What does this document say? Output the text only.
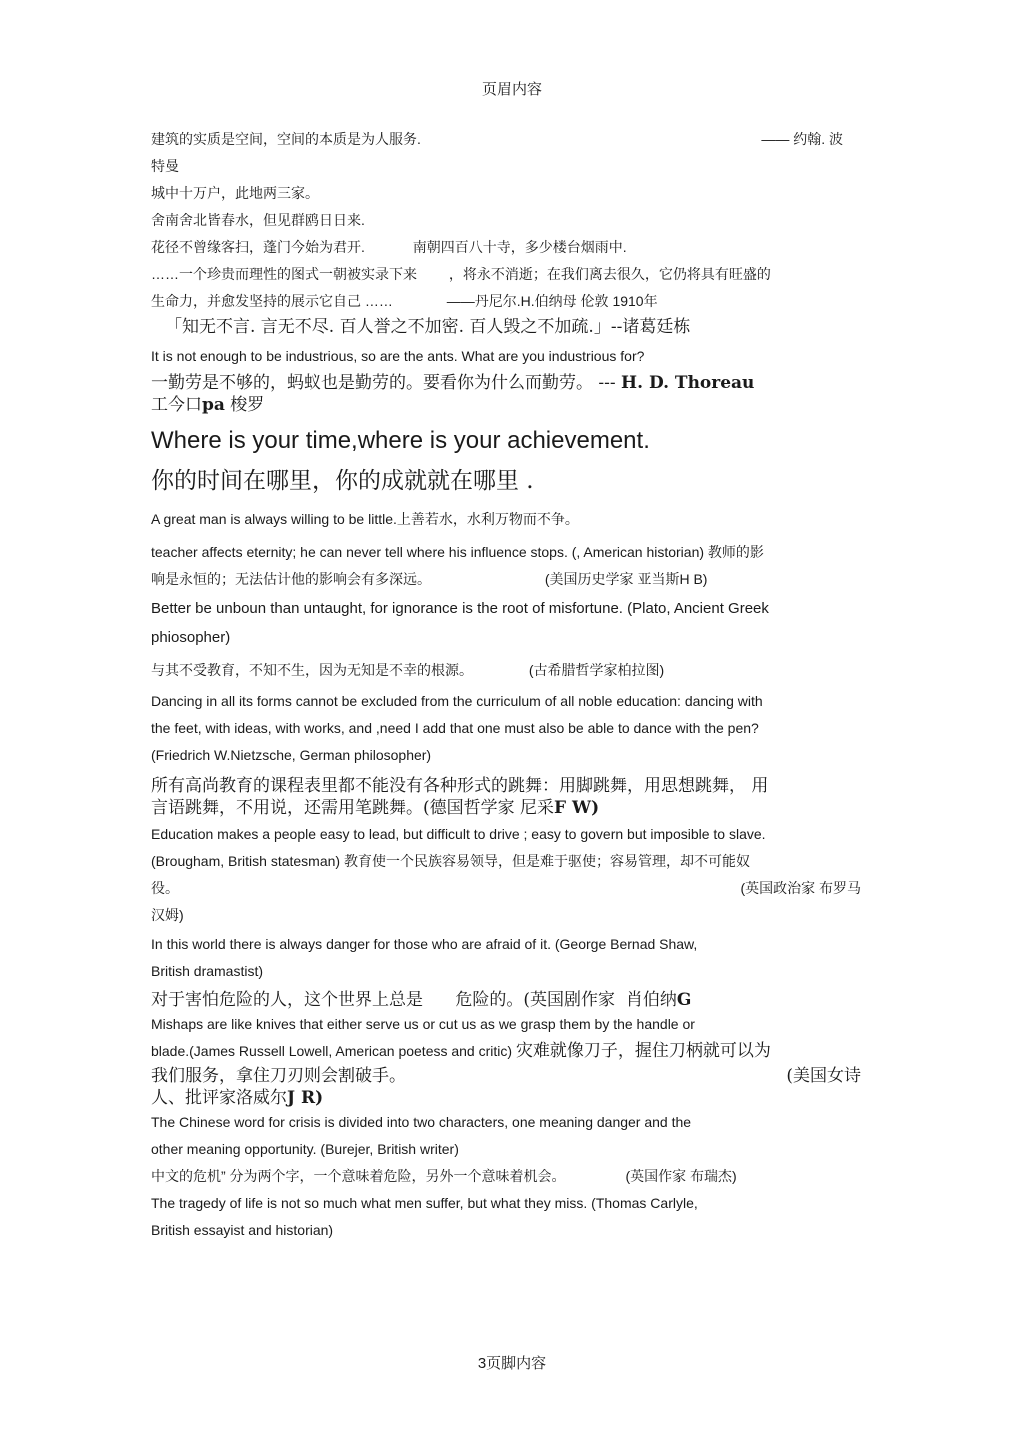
页眉内容

建筑的实质是空间，空间的本质是为人服务.	—— 约翰. 波

特曼

城中十万户，此地两三家。

舍南舍北皆春水，但见群鸥日日来.

花径不曾缘客扫，蓬门今始为君开.	南朝四百八十寺，多少楼台烟雨中.

……一个珍贵而理性的图式一朝被实录下来 ，将永不消逝；在我们离去很久，它仍将具有旺盛的

生命力，并愈发坚持的展示它自己 ……	——丹尼尔.H.伯纳母 伦敦 1910年

「知无不言. 言无不尽. 百人誉之不加密. 百人毁之不加疏.」--诸葛廷栋

It is not enough to be industrious, so are the ants. What are you industrious for?

一勤劳是不够的，蚂蚁也是勤劳的。要看你为什么而勤劳。 --- H. D. Thoreau

工今口pa 梭罗

Where is your time,where is your achievement.

你的时间在哪里，你的成就就在哪里 .

A great man is always willing to be little.上善若水，水利万物而不争。

teacher affects eternity; he can never tell where his influence stops. (, American historian) 教师的影

响是永恒的；无法估计他的影响会有多深远。	(美国历史学家 亚当斯H B)

Better be unboun than untaught, for ignorance is the root of misfortune. (Plato, Ancient Greek

phiosopher)

与其不受教育，不知不生，因为无知是不幸的根源。	(古希腊哲学家柏拉图)

Dancing in all its forms cannot be excluded from the curriculum of all noble education: dancing with

the feet, with ideas, with works, and ,need I add that one must also be able to dance with the pen?

(Friedrich W.Nietzsche, German philosopher)

所有高尚教育的课程表里都不能没有各种形式的跳舞：用脚跳舞，用思想跳舞， 用

言语跳舞，不用说，还需用笔跳舞。(德国哲学家 尼采F W)

Education makes a people easy to lead, but difficult to drive ; easy to govern but imposible to slave.

(Brougham, British statesman) 教育使一个民族容易领导，但是难于驱使；容易管理，却不可能奴

役。	(英国政治家 布罗马

汉姆)

In this world there is always danger for those who are afraid of it. (George Bernad Shaw,

British dramastist)

对于害怕危险的人，这个世界上总是      危险的。(英国剧作家  肖伯纳G

Mishaps are like knives that either serve us or cut us as we grasp them by the handle or

blade.(James Russell Lowell, American poetess and critic) 灾难就像刀子，握住刀柄就可以为

我们服务，拿住刀刃则会割破手。	(美国女诗

人、批评家洛威尔J R)

The Chinese word for crisis is divided into two characters, one meaning danger and the

other meaning opportunity. (Burejer, British writer)

中文的危机” 分为两个字，一个意味着危险，另外一个意味着机会。	(英国作家 布瑞杰)

The tragedy of life is not so much what men suffer, but what they miss. (Thomas Carlyle,

British essayist and historian)

3页脚内容
